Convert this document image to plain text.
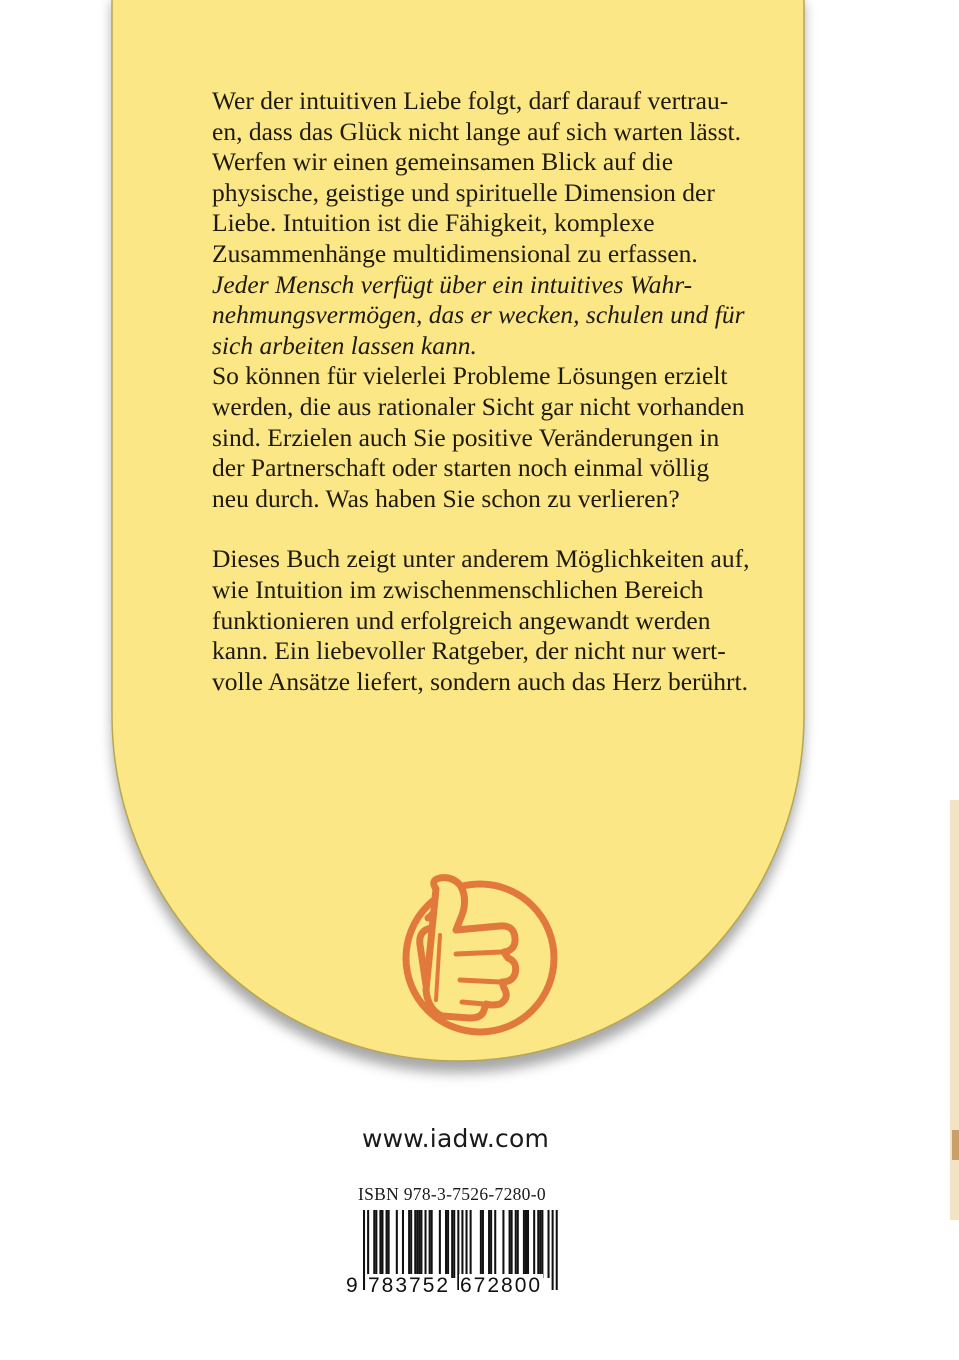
Wer der intuitiven Liebe folgt, darf darauf vertrau-
en, dass das Glück nicht lange auf sich warten lässt.
Werfen wir einen gemeinsamen Blick auf die
physische, geistige und spirituelle Dimension der
Liebe. Intuition ist die Fähigkeit, komplexe
Zusammenhänge multidimensional zu erfassen.
Jeder Mensch verfügt über ein intuitives Wahr-
nehmungsvermögen, das er wecken, schulen und für
sich arbeiten lassen kann.
So können für vielerlei Probleme Lösungen erzielt
werden, die aus rationaler Sicht gar nicht vorhanden
sind. Erzielen auch Sie positive Veränderungen in
der Partnerschaft oder starten noch einmal völlig
neu durch. Was haben Sie schon zu verlieren?
Dieses Buch zeigt unter anderem Möglichkeiten auf,
wie Intuition im zwischenmenschlichen Bereich
funktionieren und erfolgreich angewandt werden
kann. Ein liebevoller Ratgeber, der nicht nur wert-
volle Ansätze liefert, sondern auch das Herz berührt.
www.iadw.com
ISBN 978-3-7526-7280-0
9 783752 672800
